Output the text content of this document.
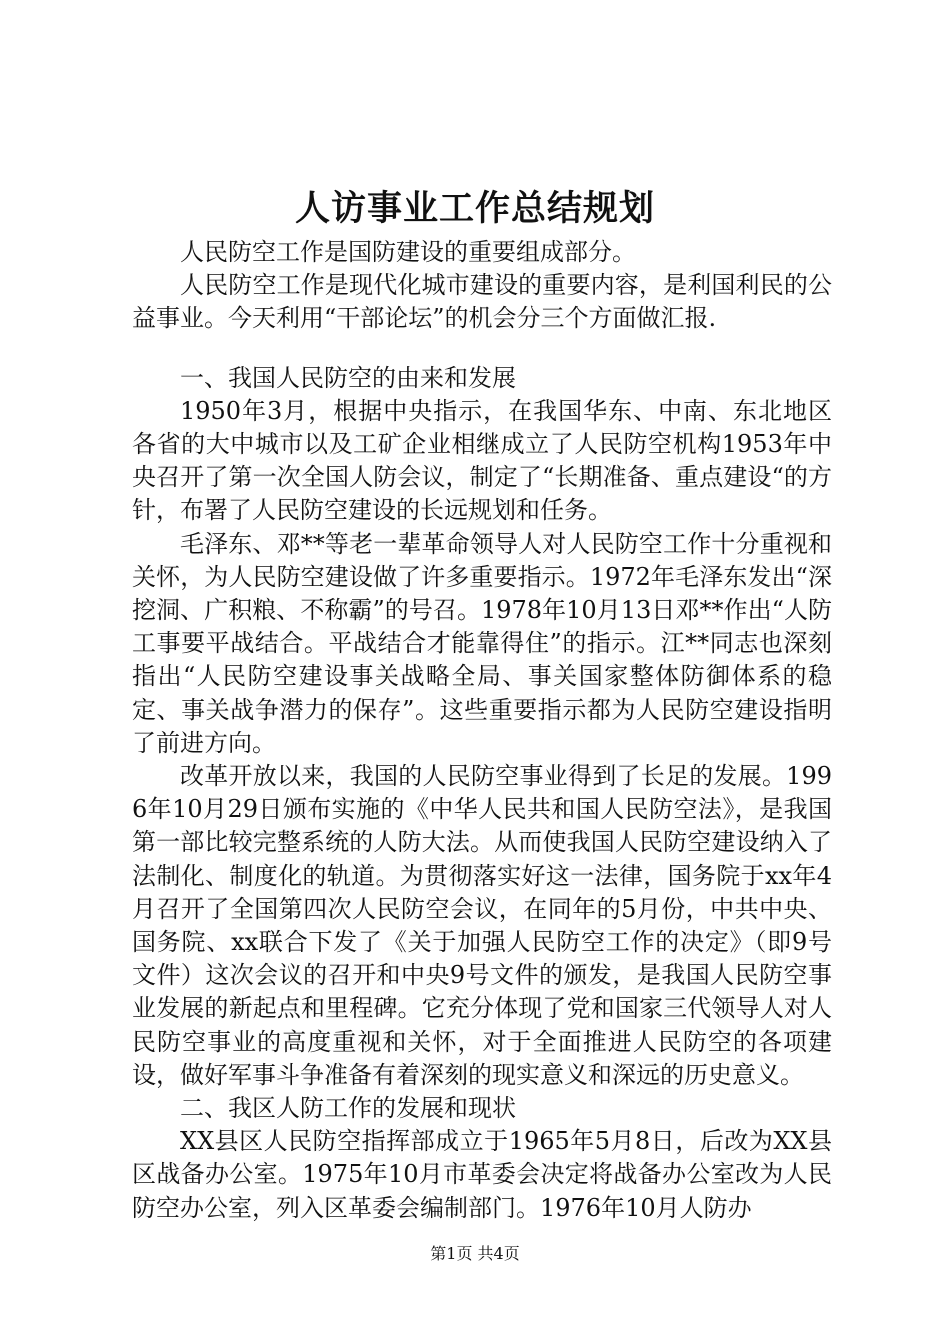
人访事业工作总结规划

人民防空工作是国防建设的重要组成部分。

人民防空工作是现代化城市建设的重要内容，是利国利民的公益事业。今天利用“干部论坛”的机会分三个方面做汇报.

一、我国人民防空的由来和发展

1950年3月，根据中央指示，在我国华东、中南、东北地区各省的大中城市以及工矿企业相继成立了人民防空机构1953年中央召开了第一次全国人防会议，制定了“长期准备、重点建设“的方针，布署了人民防空建设的长远规划和任务。

毛泽东、邓**等老一辈革命领导人对人民防空工作十分重视和关怀，为人民防空建设做了许多重要指示。1972年毛泽东发出“深挖洞、广积粮、不称霸”的号召。1978年10月13日邓**作出“人防工事要平战结合。平战结合才能靠得住”的指示。江**同志也深刻指出“人民防空建设事关战略全局、事关国家整体防御体系的稳定、事关战争潜力的保存”。这些重要指示都为人民防空建设指明了前进方向。

改革开放以来，我国的人民防空事业得到了长足的发展。1996年10月29日颁布实施的《中华人民共和国人民防空法》，是我国第一部比较完整系统的人防大法。从而使我国人民防空建设纳入了法制化、制度化的轨道。为贯彻落实好这一法律，国务院于xx年4月召开了全国第四次人民防空会议，在同年的5月份，中共中央、国务院、xx联合下发了《关于加强人民防空工作的决定》（即9号文件）这次会议的召开和中央9号文件的颁发，是我国人民防空事业发展的新起点和里程碑。它充分体现了党和国家三代领导人对人民防空事业的高度重视和关怀，对于全面推进人民防空的各项建设，做好军事斗争准备有着深刻的现实意义和深远的历史意义。

二、我区人防工作的发展和现状

XX县区人民防空指挥部成立于1965年5月8日，后改为XX县区战备办公室。1975年10月市革委会决定将战备办公室改为人民防空办公室，列入区革委会编制部门。1976年10月人防办

第1页 共4页
